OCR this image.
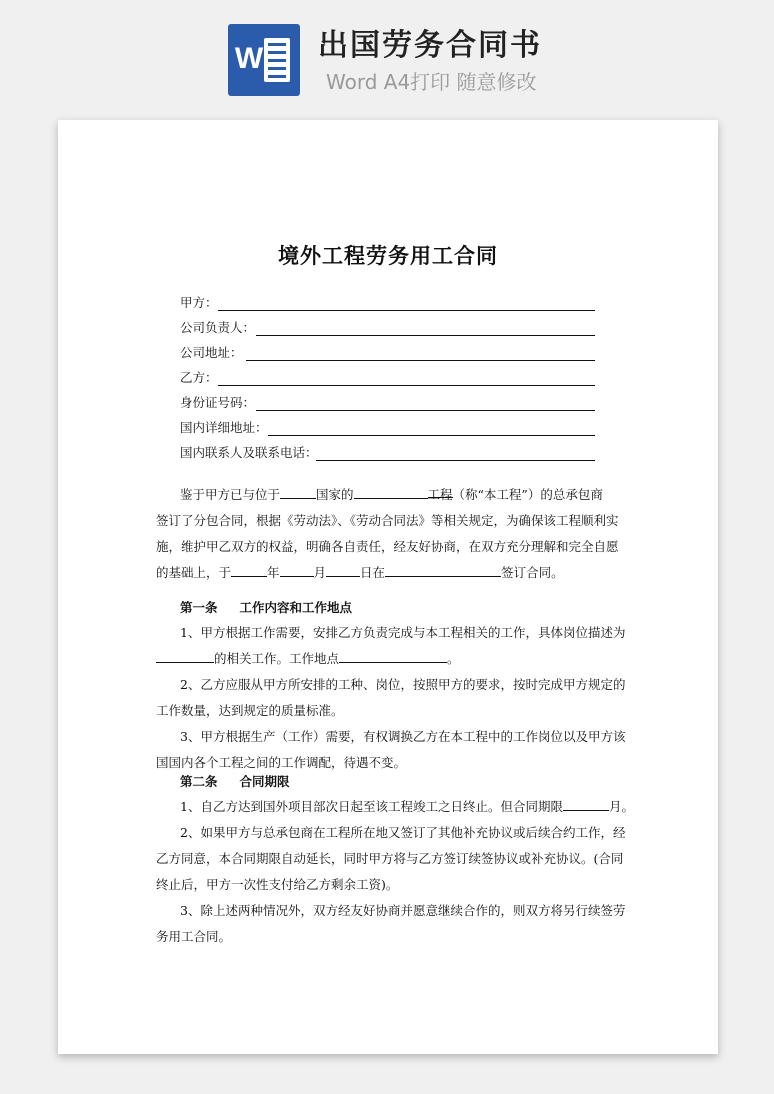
W 出国劳务合同书
Word A4打印 随意修改
境外工程劳务用工合同
甲方：
公司负责人：
公司地址：
乙方：
身份证号码：
国内详细地址：
国内联系人及联系电话：
鉴于甲方已与位于	国家的	工程（称“本工程”）的总承包商
签订了分包合同，根据《劳动法》、《劳动合同法》等相关规定，为确保该工程顺利实
施，维护甲乙双方的权益，明确各自责任，经友好协商，在双方充分理解和完全自愿
的基础上，于	年	月	日在	签订合同。
第一条 工作内容和工作地点
1、甲方根据工作需要，安排乙方负责完成与本工程相关的工作，具体岗位描述为
的相关工作。工作地点	。
2、乙方应服从甲方所安排的工种、岗位，按照甲方的要求，按时完成甲方规定的
工作数量，达到规定的质量标准。
3、甲方根据生产（工作）需要，有权调换乙方在本工程中的工作岗位以及甲方该
国国内各个工程之间的工作调配，待遇不变。
第二条 合同期限
1、自乙方达到国外项目部次日起至该工程竣工之日终止。但合同期限	月。
2、如果甲方与总承包商在工程所在地又签订了其他补充协议或后续合约工作，经
乙方同意，本合同期限自动延长，同时甲方将与乙方签订续签协议或补充协议。(合同
终止后，甲方一次性支付给乙方剩余工资)。
3、除上述两种情况外，双方经友好协商并愿意继续合作的，则双方将另行续签劳
务用工合同。
